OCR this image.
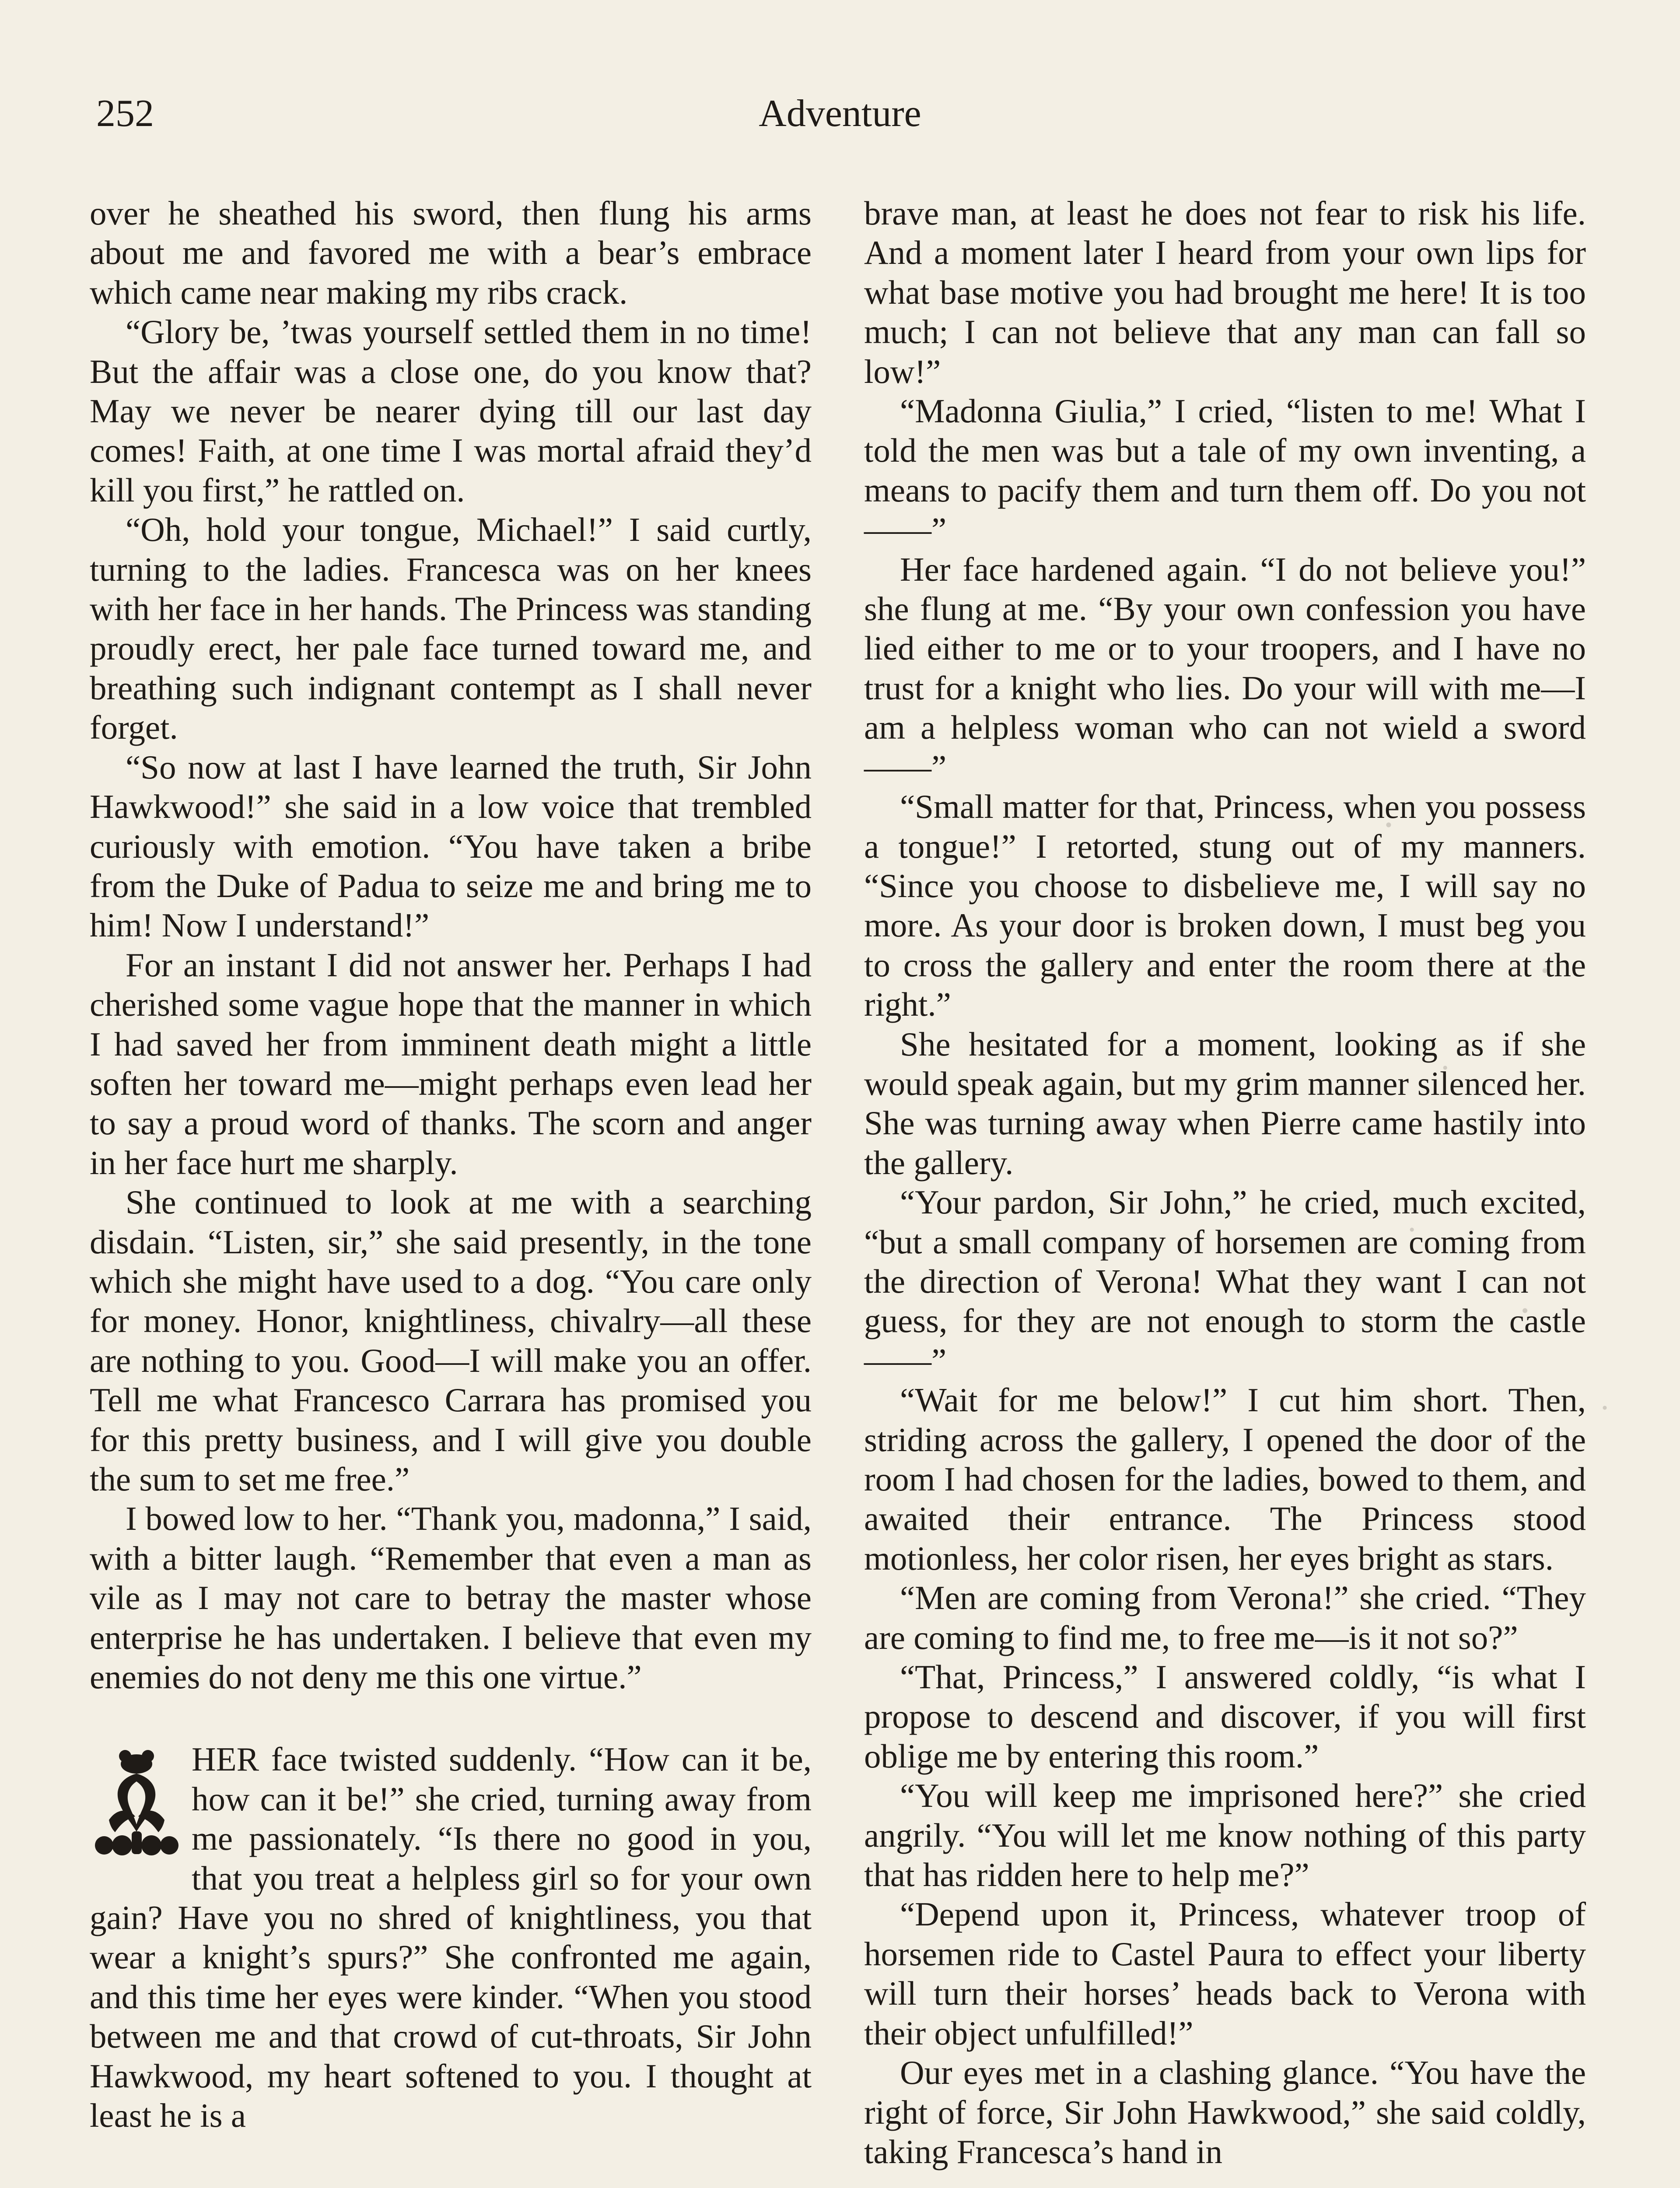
252	Adventure

over he sheathed his sword, then flung his arms about me and favored me with a bear’s embrace which came near making my ribs crack.

“Glory be, ’twas yourself settled them in no time! But the affair was a close one, do you know that? May we never be nearer dying till our last day comes! Faith, at one time I was mortal afraid they’d kill you first,” he rattled on.

“Oh, hold your tongue, Michael!” I said curtly, turning to the ladies. Francesca was on her knees with her face in her hands. The Princess was standing proudly erect, her pale face turned toward me, and breathing such indignant contempt as I shall never forget.

“So now at last I have learned the truth, Sir John Hawkwood!” she said in a low voice that trembled curiously with emotion. “You have taken a bribe from the Duke of Padua to seize me and bring me to him! Now I understand!”

For an instant I did not answer her. Perhaps I had cherished some vague hope that the manner in which I had saved her from imminent death might a little soften her toward me—might perhaps even lead her to say a proud word of thanks. The scorn and anger in her face hurt me sharply.

She continued to look at me with a searching disdain. “Listen, sir,” she said presently, in the tone which she might have used to a dog. “You care only for money. Honor, knightliness, chivalry—all these are nothing to you. Good—I will make you an offer. Tell me what Francesco Carrara has promised you for this pretty business, and I will give you double the sum to set me free.”

I bowed low to her. “Thank you, madonna,” I said, with a bitter laugh. “Remember that even a man as vile as I may not care to betray the master whose enterprise he has undertaken. I believe that even my enemies do not deny me this one virtue.”

HER face twisted suddenly. “How can it be, how can it be!” she cried, turning away from me passionately. “Is there no good in you, that you treat a helpless girl so for your own gain? Have you no shred of knightliness, you that wear a knight’s spurs?” She confronted me again, and this time her eyes were kinder. “When you stood between me and that crowd of cut-throats, Sir John Hawkwood, my heart softened to you. I thought at least he is a

brave man, at least he does not fear to risk his life. And a moment later I heard from your own lips for what base motive you had brought me here! It is too much; I can not believe that any man can fall so low!”

“Madonna Giulia,” I cried, “listen to me! What I told the men was but a tale of my own inventing, a means to pacify them and turn them off. Do you not——”

Her face hardened again. “I do not believe you!” she flung at me. “By your own confession you have lied either to me or to your troopers, and I have no trust for a knight who lies. Do your will with me—I am a helpless woman who can not wield a sword——”

“Small matter for that, Princess, when you possess a tongue!” I retorted, stung out of my manners. “Since you choose to disbelieve me, I will say no more. As your door is broken down, I must beg you to cross the gallery and enter the room there at the right.”

She hesitated for a moment, looking as if she would speak again, but my grim manner silenced her. She was turning away when Pierre came hastily into the gallery.

“Your pardon, Sir John,” he cried, much excited, “but a small company of horsemen are coming from the direction of Verona! What they want I can not guess, for they are not enough to storm the castle——”

“Wait for me below!” I cut him short. Then, striding across the gallery, I opened the door of the room I had chosen for the ladies, bowed to them, and awaited their entrance. The Princess stood motionless, her color risen, her eyes bright as stars.

“Men are coming from Verona!” she cried. “They are coming to find me, to free me—is it not so?”

“That, Princess,” I answered coldly, “is what I propose to descend and discover, if you will first oblige me by entering this room.”

“You will keep me imprisoned here?” she cried angrily. “You will let me know nothing of this party that has ridden here to help me?”

“Depend upon it, Princess, whatever troop of horsemen ride to Castel Paura to effect your liberty will turn their horses’ heads back to Verona with their object unfulfilled!”

Our eyes met in a clashing glance. “You have the right of force, Sir John Hawkwood,” she said coldly, taking Francesca’s hand in
